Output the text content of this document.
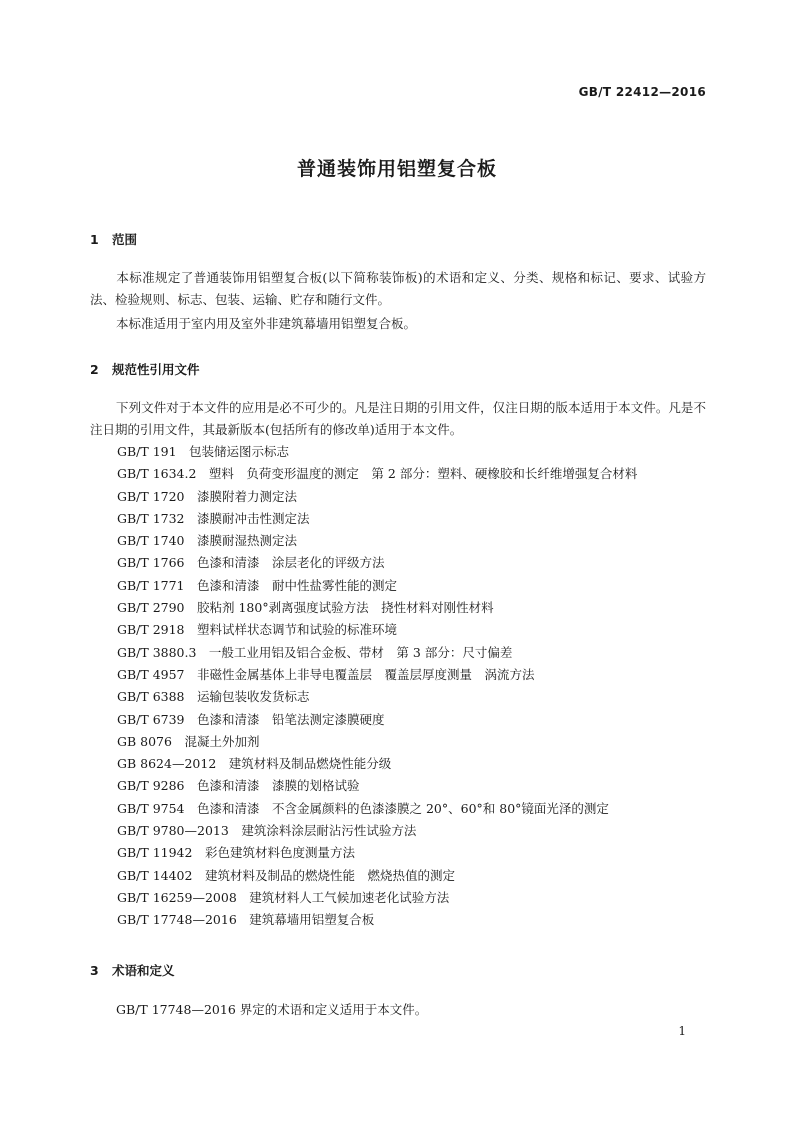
GB/T 22412—2016
普通装饰用铝塑复合板
1 范围
本标准规定了普通装饰用铝塑复合板(以下简称装饰板)的术语和定义、分类、规格和标记、要求、试验方法、检验规则、标志、包装、运输、贮存和随行文件。
本标准适用于室内用及室外非建筑幕墙用铝塑复合板。
2 规范性引用文件
下列文件对于本文件的应用是必不可少的。凡是注日期的引用文件，仅注日期的版本适用于本文件。凡是不注日期的引用文件，其最新版本(包括所有的修改单)适用于本文件。
GB/T 191　包装储运图示标志
GB/T 1634.2　塑料　负荷变形温度的测定　第 2 部分：塑料、硬橡胶和长纤维增强复合材料
GB/T 1720　漆膜附着力测定法
GB/T 1732　漆膜耐冲击性测定法
GB/T 1740　漆膜耐湿热测定法
GB/T 1766　色漆和清漆　涂层老化的评级方法
GB/T 1771　色漆和清漆　耐中性盐雾性能的测定
GB/T 2790　胶粘剂 180°剥离强度试验方法　挠性材料对刚性材料
GB/T 2918　塑料试样状态调节和试验的标准环境
GB/T 3880.3　一般工业用铝及铝合金板、带材　第 3 部分：尺寸偏差
GB/T 4957　非磁性金属基体上非导电覆盖层　覆盖层厚度测量　涡流方法
GB/T 6388　运输包装收发货标志
GB/T 6739　色漆和清漆　铅笔法测定漆膜硬度
GB 8076　混凝土外加剂
GB 8624—2012　建筑材料及制品燃烧性能分级
GB/T 9286　色漆和清漆　漆膜的划格试验
GB/T 9754　色漆和清漆　不含金属颜料的色漆漆膜之 20°、60°和 80°镜面光泽的测定
GB/T 9780—2013　建筑涂料涂层耐沾污性试验方法
GB/T 11942　彩色建筑材料色度测量方法
GB/T 14402　建筑材料及制品的燃烧性能　燃烧热值的测定
GB/T 16259—2008　建筑材料人工气候加速老化试验方法
GB/T 17748—2016　建筑幕墙用铝塑复合板
3 术语和定义
GB/T 17748—2016 界定的术语和定义适用于本文件。
1
